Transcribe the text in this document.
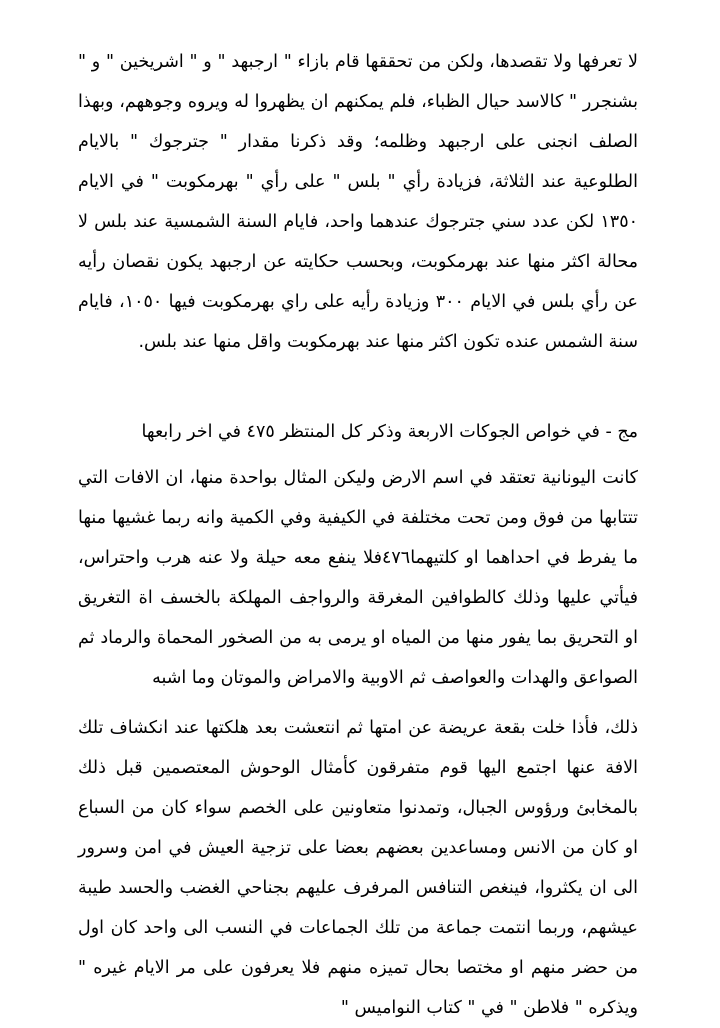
لا تعرفها ولا تقصدها، ولكن من تحققها قام بازاء " ارجبهد " و " اشريخين " و " بشنجرر " كالاسد حيال الظباء، فلم يمكنهم ان يظهروا له ويروه وجوههم، وبهذا الصلف انجنى على ارجبهد وظلمه؛ وقد ذكرنا مقدار " جترجوك " بالايام الطلوعية عند الثلاثة، فزيادة رأي " بلس " على رأي " بهرمكوبت " في الايام ١٣٥٠ لكن عدد سني جترجوك عندهما واحد، فايام السنة الشمسية عند بلس لا محالة اكثر منها عند بهرمكوبت، وبحسب حكايته عن ارجبهد يكون نقصان رأيه عن رأي بلس في الايام ٣٠٠ وزيادة رأيه على راي بهرمكوبت فيها ١٠٥٠، فايام سنة الشمس عنده تكون اكثر منها عند بهرمكوبت واقل منها عند بلس.

مج - في خواص الجوكات الاربعة وذكر كل المنتظر ٤٧٥ في اخر رابعها

كانت اليونانية تعتقد في اسم الارض وليكن المثال بواحدة منها، ان الافات التي تتتابها من فوق ومن تحت مختلفة في الكيفية وفي الكمية وانه ربما غشيها منها ما يفرط في احداهما او كلتيهما٤٧٦فلا ينفع معه حيلة ولا عنه هرب واحتراس، فيأتي عليها وذلك كالطوافين المغرقة والرواجف المهلكة بالخسف اة التغريق او التحريق بما يفور منها من المياه او يرمى به من الصخور المحماة والرماد ثم الصواعق والهدات والعواصف ثم الاوبية والامراض والموتان وما اشبه

ذلك، فأذا خلت بقعة عريضة عن امتها ثم انتعشت بعد هلكتها عند انكشاف تلك الافة عنها اجتمع اليها قوم متفرقون كأمثال الوحوش المعتصمين قبل ذلك بالمخابئ ورؤوس الجبال، وتمدنوا متعاونين على الخصم سواء كان من السباع او كان من الانس ومساعدين بعضهم بعضا على تزجية العيش في امن وسرور الى ان يكثروا، فينغص التنافس المرفرف عليهم بجناحي الغضب والحسد طيبة عيشهم، وربما انتمت جماعة من تلك الجماعات في النسب الى واحد كان اول من حضر منهم او مختصا بحال تميزه منهم فلا يعرفون على مر الايام غيره " ويذكره " فلاطن " في " كتاب النواميس "
